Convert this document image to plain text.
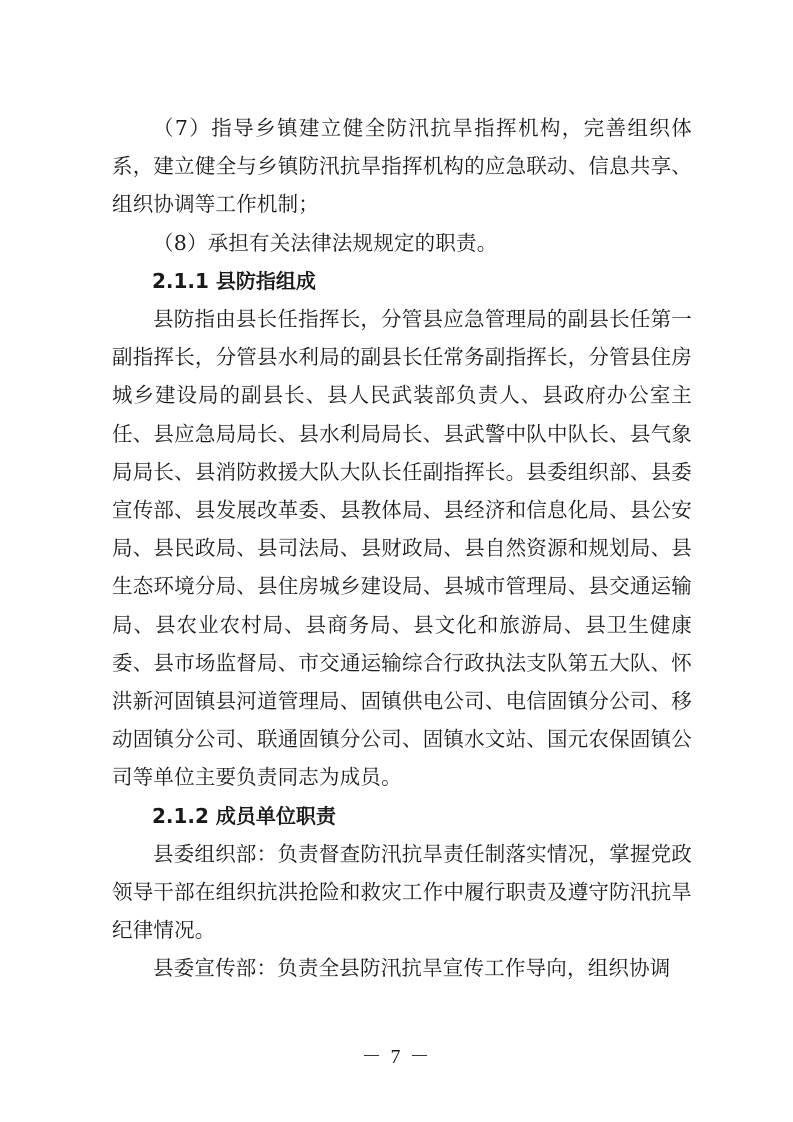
（7）指导乡镇建立健全防汛抗旱指挥机构，完善组织体系，建立健全与乡镇防汛抗旱指挥机构的应急联动、信息共享、组织协调等工作机制；

（8）承担有关法律法规规定的职责。

2.1.1 县防指组成

县防指由县长任指挥长，分管县应急管理局的副县长任第一副指挥长，分管县水利局的副县长任常务副指挥长，分管县住房城乡建设局的副县长、县人民武装部负责人、县政府办公室主任、县应急局局长、县水利局局长、县武警中队中队长、县气象局局长、县消防救援大队大队长任副指挥长。县委组织部、县委宣传部、县发展改革委、县教体局、县经济和信息化局、县公安局、县民政局、县司法局、县财政局、县自然资源和规划局、县生态环境分局、县住房城乡建设局、县城市管理局、县交通运输局、县农业农村局、县商务局、县文化和旅游局、县卫生健康委、县市场监督局、市交通运输综合行政执法支队第五大队、怀洪新河固镇县河道管理局、固镇供电公司、电信固镇分公司、移动固镇分公司、联通固镇分公司、固镇水文站、国元农保固镇公司等单位主要负责同志为成员。

2.1.2 成员单位职责

县委组织部：负责督查防汛抗旱责任制落实情况，掌握党政领导干部在组织抗洪抢险和救灾工作中履行职责及遵守防汛抗旱纪律情况。

县委宣传部：负责全县防汛抗旱宣传工作导向，组织协调

－ 7 －
